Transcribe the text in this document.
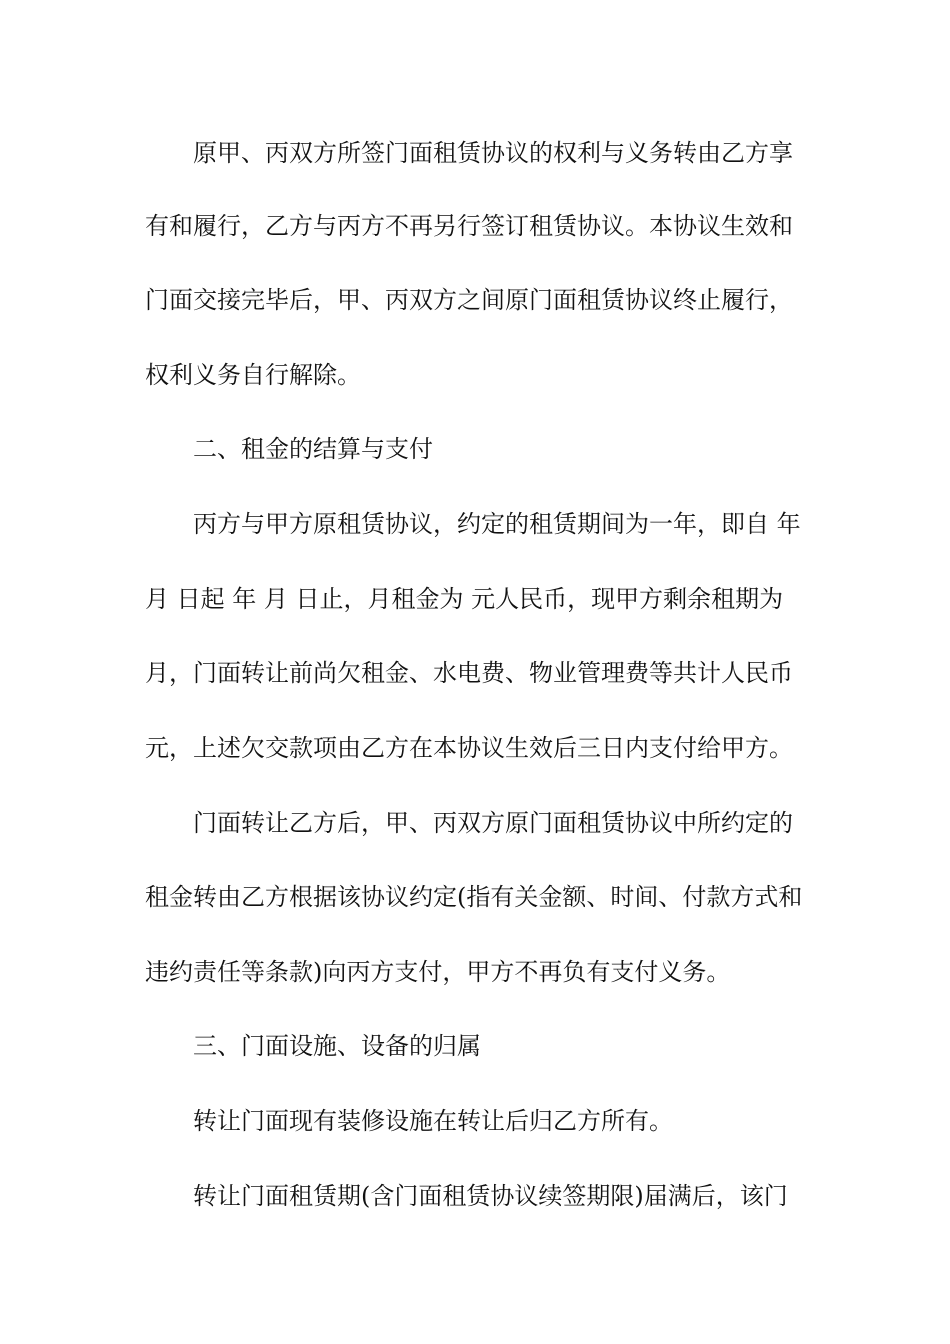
原甲、丙双方所签门面租赁协议的权利与义务转由乙方享
有和履行，乙方与丙方不再另行签订租赁协议。本协议生效和
门面交接完毕后，甲、丙双方之间原门面租赁协议终止履行，
权利义务自行解除。
二、租金的结算与支付
丙方与甲方原租赁协议，约定的租赁期间为一年，即自 年
月 日起 年 月 日止，月租金为 元人民币，现甲方剩余租期为
月，门面转让前尚欠租金、水电费、物业管理费等共计人民币
元，上述欠交款项由乙方在本协议生效后三日内支付给甲方。
门面转让乙方后，甲、丙双方原门面租赁协议中所约定的
租金转由乙方根据该协议约定(指有关金额、时间、付款方式和
违约责任等条款)向丙方支付，甲方不再负有支付义务。
三、门面设施、设备的归属
转让门面现有装修设施在转让后归乙方所有。
转让门面租赁期(含门面租赁协议续签期限)届满后，该门
